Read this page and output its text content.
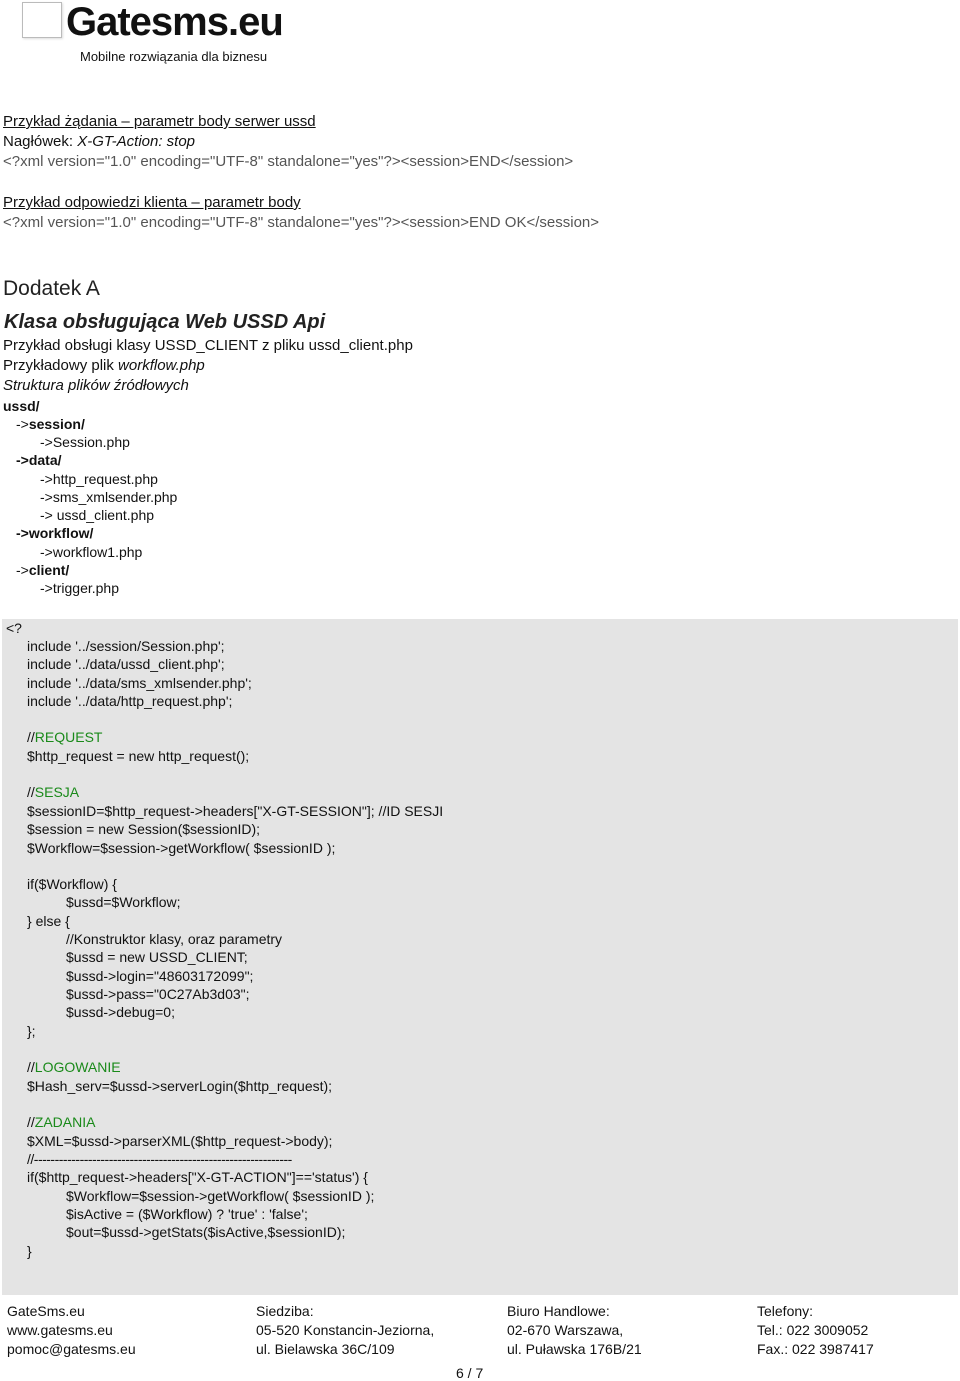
Gatesms.eu
Mobilne rozwiązania dla biznesu
Przykład żądania – parametr body serwer ussd
Nagłówek: X-GT-Action: stop
<?xml version="1.0" encoding="UTF-8" standalone="yes"?><session>END</session>
Przykład odpowiedzi klienta – parametr body
<?xml version="1.0" encoding="UTF-8" standalone="yes"?><session>END OK</session>
Dodatek A
Klasa obsługująca Web USSD Api
Przykład obsługi klasy USSD_CLIENT z pliku ussd_client.php
Przykładowy plik workflow.php
Struktura plików źródłowych
ussd/
->session/
->Session.php
->data/
->http_request.php
->sms_xmlsender.php
-> ussd_client.php
->workflow/
->workflow1.php
->client/
->trigger.php
<?
include '../session/Session.php';
include '../data/ussd_client.php';
include '../data/sms_xmlsender.php';
include '../data/http_request.php';
//REQUEST
$http_request = new http_request();
//SESJA
$sessionID=$http_request->headers["X-GT-SESSION"]; //ID SESJI
$session = new Session($sessionID);
$Workflow=$session->getWorkflow( $sessionID );
if($Workflow) {
$ussd=$Workflow;
} else {
//Konstruktor klasy, oraz parametry
$ussd = new USSD_CLIENT;
$ussd->login="48603172099";
$ussd->pass="0C27Ab3d03";
$ussd->debug=0;
};
//LOGOWANIE
$Hash_serv=$ussd->serverLogin($http_request);
//ZADANIA
$XML=$ussd->parserXML($http_request->body);
//--------------------------------------------------------------
if($http_request->headers["X-GT-ACTION"]=='status') {
$Workflow=$session->getWorkflow( $sessionID );
$isActive = ($Workflow) ? 'true' : 'false';
$out=$ussd->getStats($isActive,$sessionID);
}
GateSms.eu
www.gatesms.eu
pomoc@gatesms.eu
Siedziba:
05-520 Konstancin-Jeziorna,
ul. Bielawska 36C/109
Biuro Handlowe:
02-670 Warszawa,
ul. Puławska 176B/21
Telefony:
Tel.: 022 3009052
Fax.: 022 3987417
6 / 7
